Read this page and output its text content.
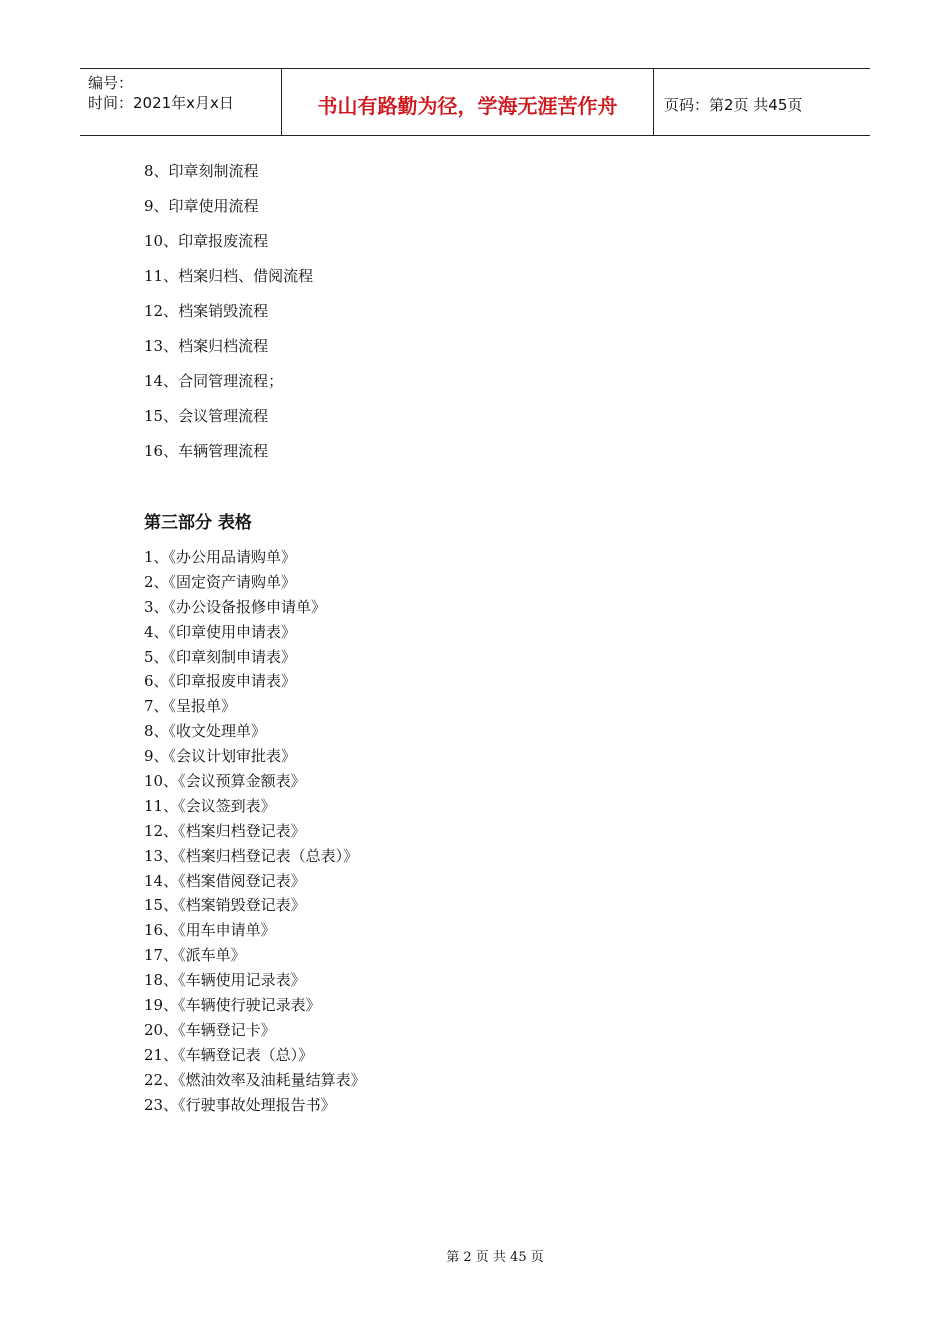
编号：
时间：2021年x月x日	书山有路勤为径，学海无涯苦作舟	页码：第2页 共45页
8、印章刻制流程
9、印章使用流程
10、印章报废流程
11、档案归档、借阅流程
12、档案销毁流程
13、档案归档流程
14、合同管理流程；
15、会议管理流程
16、车辆管理流程
第三部分 表格
1、《办公用品请购单》
2、《固定资产请购单》
3、《办公设备报修申请单》
4、《印章使用申请表》
5、《印章刻制申请表》
6、《印章报废申请表》
7、《呈报单》
8、《收文处理单》
9、《会议计划审批表》
10、《会议预算金额表》
11、《会议签到表》
12、《档案归档登记表》
13、《档案归档登记表（总表）》
14、《档案借阅登记表》
15、《档案销毁登记表》
16、《用车申请单》
17、《派车单》
18、《车辆使用记录表》
19、《车辆使行驶记录表》
20、《车辆登记卡》
21、《车辆登记表（总）》
22、《燃油效率及油耗量结算表》
23、《行驶事故处理报告书》
第 2 页 共 45 页
